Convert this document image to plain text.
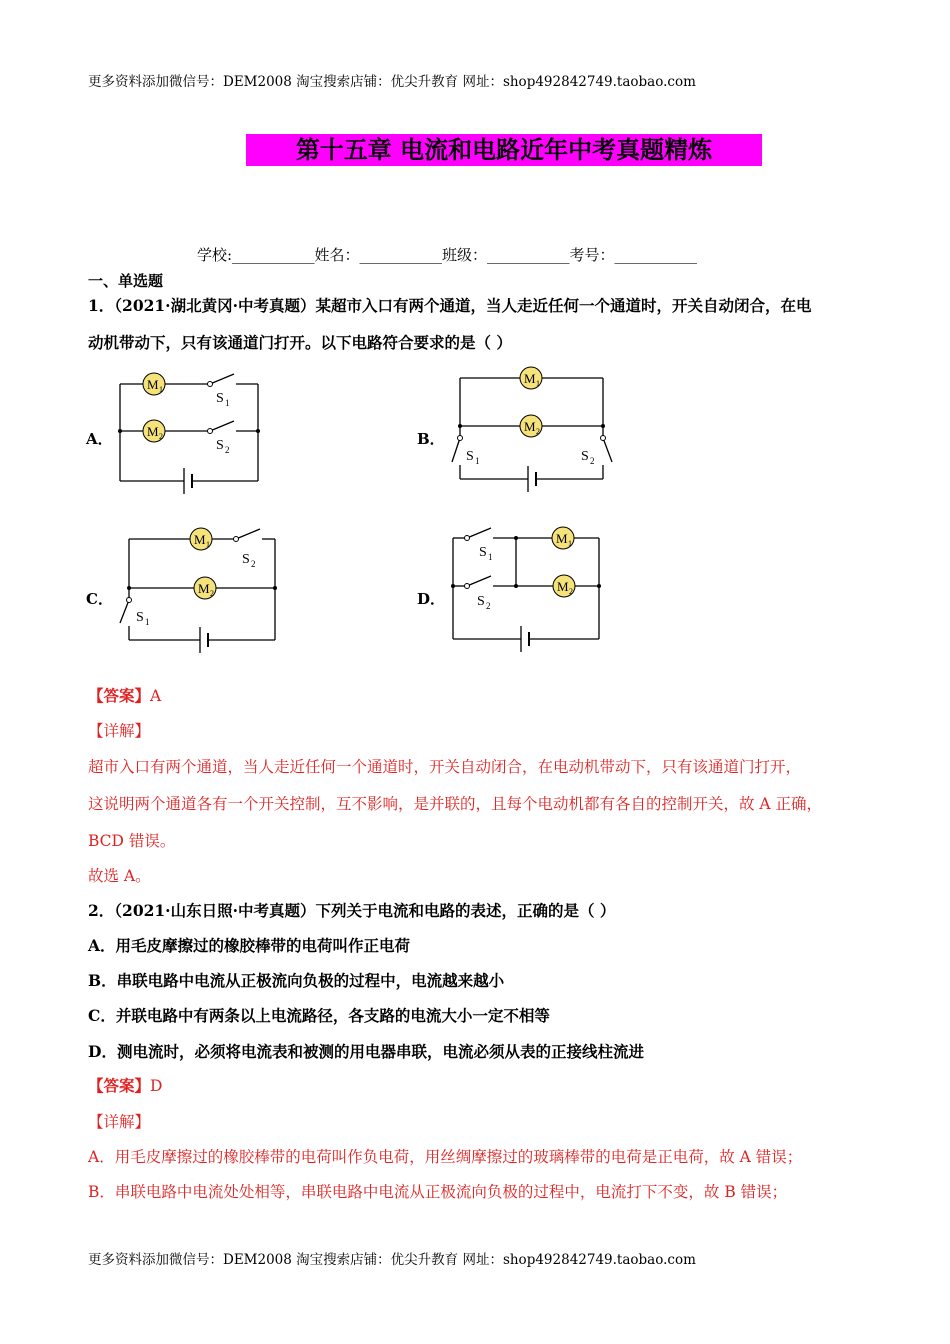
更多资料添加微信号：DEM2008 淘宝搜索店铺：优尖升教育 网址：shop492842749.taobao.com
第十五章 电流和电路近年中考真题精炼
学校:___________姓名：___________班级：___________考号：___________
一、单选题
1．（2021·湖北黄冈·中考真题）某超市入口有两个通道，当人走近任何一个通道时，开关自动闭合，在电
动机带动下，只有该通道门打开。以下电路符合要求的是（ ）
A．	B．
C．	D．
M 1
M 2
S 1
S 2
M 1
M 2
S 1	S 2
M 1
M 2
S 2
S 1
M 1
M 2
S 1
S 2
【答案】A
【详解】
超市入口有两个通道，当人走近任何一个通道时，开关自动闭合，在电动机带动下，只有该通道门打开，
这说明两个通道各有一个开关控制，互不影响，是并联的，且每个电动机都有各自的控制开关，故 A 正确，
BCD 错误。
故选 A。
2．（2021·山东日照·中考真题）下列关于电流和电路的表述，正确的是（ ）
A．用毛皮摩擦过的橡胶棒带的电荷叫作正电荷
B．串联电路中电流从正极流向负极的过程中，电流越来越小
C．并联电路中有两条以上电流路径，各支路的电流大小一定不相等
D．测电流时，必须将电流表和被测的用电器串联，电流必须从表的正接线柱流进
【答案】D
【详解】
A．用毛皮摩擦过的橡胶棒带的电荷叫作负电荷，用丝绸摩擦过的玻璃棒带的电荷是正电荷，故 A 错误；
B．串联电路中电流处处相等，串联电路中电流从正极流向负极的过程中，电流打下不变，故 B 错误；
更多资料添加微信号：DEM2008 淘宝搜索店铺：优尖升教育 网址：shop492842749.taobao.com
